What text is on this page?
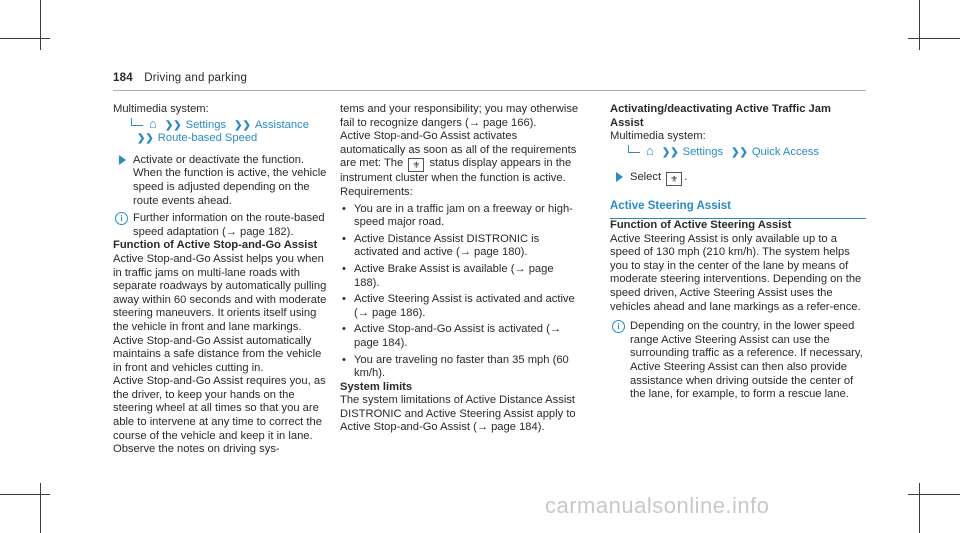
184 Driving and parking

Multimedia system:

⌂ ❯❯ Settings ❯❯ Assistance

❯❯ Route-based Speed

Activate or deactivate the function.

When the function is active, the vehicle speed is adjusted depending on the route events ahead.

i Further information on the route-based speed adaptation (→ page 182).

Function of Active Stop-and-Go Assist

Active Stop-and-Go Assist helps you when in traffic jams on multi-lane roads with separate roadways by automatically pulling away within 60 seconds and with moderate steering maneuvers. It orients itself using the vehicle in front and lane markings. Active Stop-and-Go Assist automatically maintains a safe distance from the vehicle in front and vehicles cutting in.

Active Stop-and-Go Assist requires you, as the driver, to keep your hands on the steering wheel at all times so that you are able to intervene at any time to correct the course of the vehicle and keep it in lane. Observe the notes on driving sys-

tems and your responsibility; you may otherwise fail to recognize dangers (→ page 166).

Active Stop-and-Go Assist activates automatically as soon as all of the requirements are met: The ⚜ status display appears in the instrument cluster when the function is active.

Requirements:

• You are in a traffic jam on a freeway or high-speed major road.
• Active Distance Assist DISTRONIC is activated and active (→ page 180).
• Active Brake Assist is available (→ page 188).
• Active Steering Assist is activated and active (→ page 186).
• Active Stop-and-Go Assist is activated (→ page 184).
• You are traveling no faster than 35 mph (60 km/h).

System limits

The system limitations of Active Distance Assist DISTRONIC and Active Steering Assist apply to Active Stop-and-Go Assist (→ page 184).

Activating/deactivating Active Traffic Jam
Assist

Multimedia system:

⌂ ❯❯ Settings ❯❯ Quick Access

Select ⚜ .

Active Steering Assist

Function of Active Steering Assist

Active Steering Assist is only available up to a speed of 130 mph (210 km/h). The system helps you to stay in the center of the lane by means of moderate steering interventions. Depending on the speed driven, Active Steering Assist uses the vehicles ahead and lane markings as a refer-ence.

i Depending on the country, in the lower speed range Active Steering Assist can use the surrounding traffic as a reference. If necessary, Active Steering Assist can then also provide assistance when driving outside the center of the lane, for example, to form a rescue lane.

carmanualsonline.info
